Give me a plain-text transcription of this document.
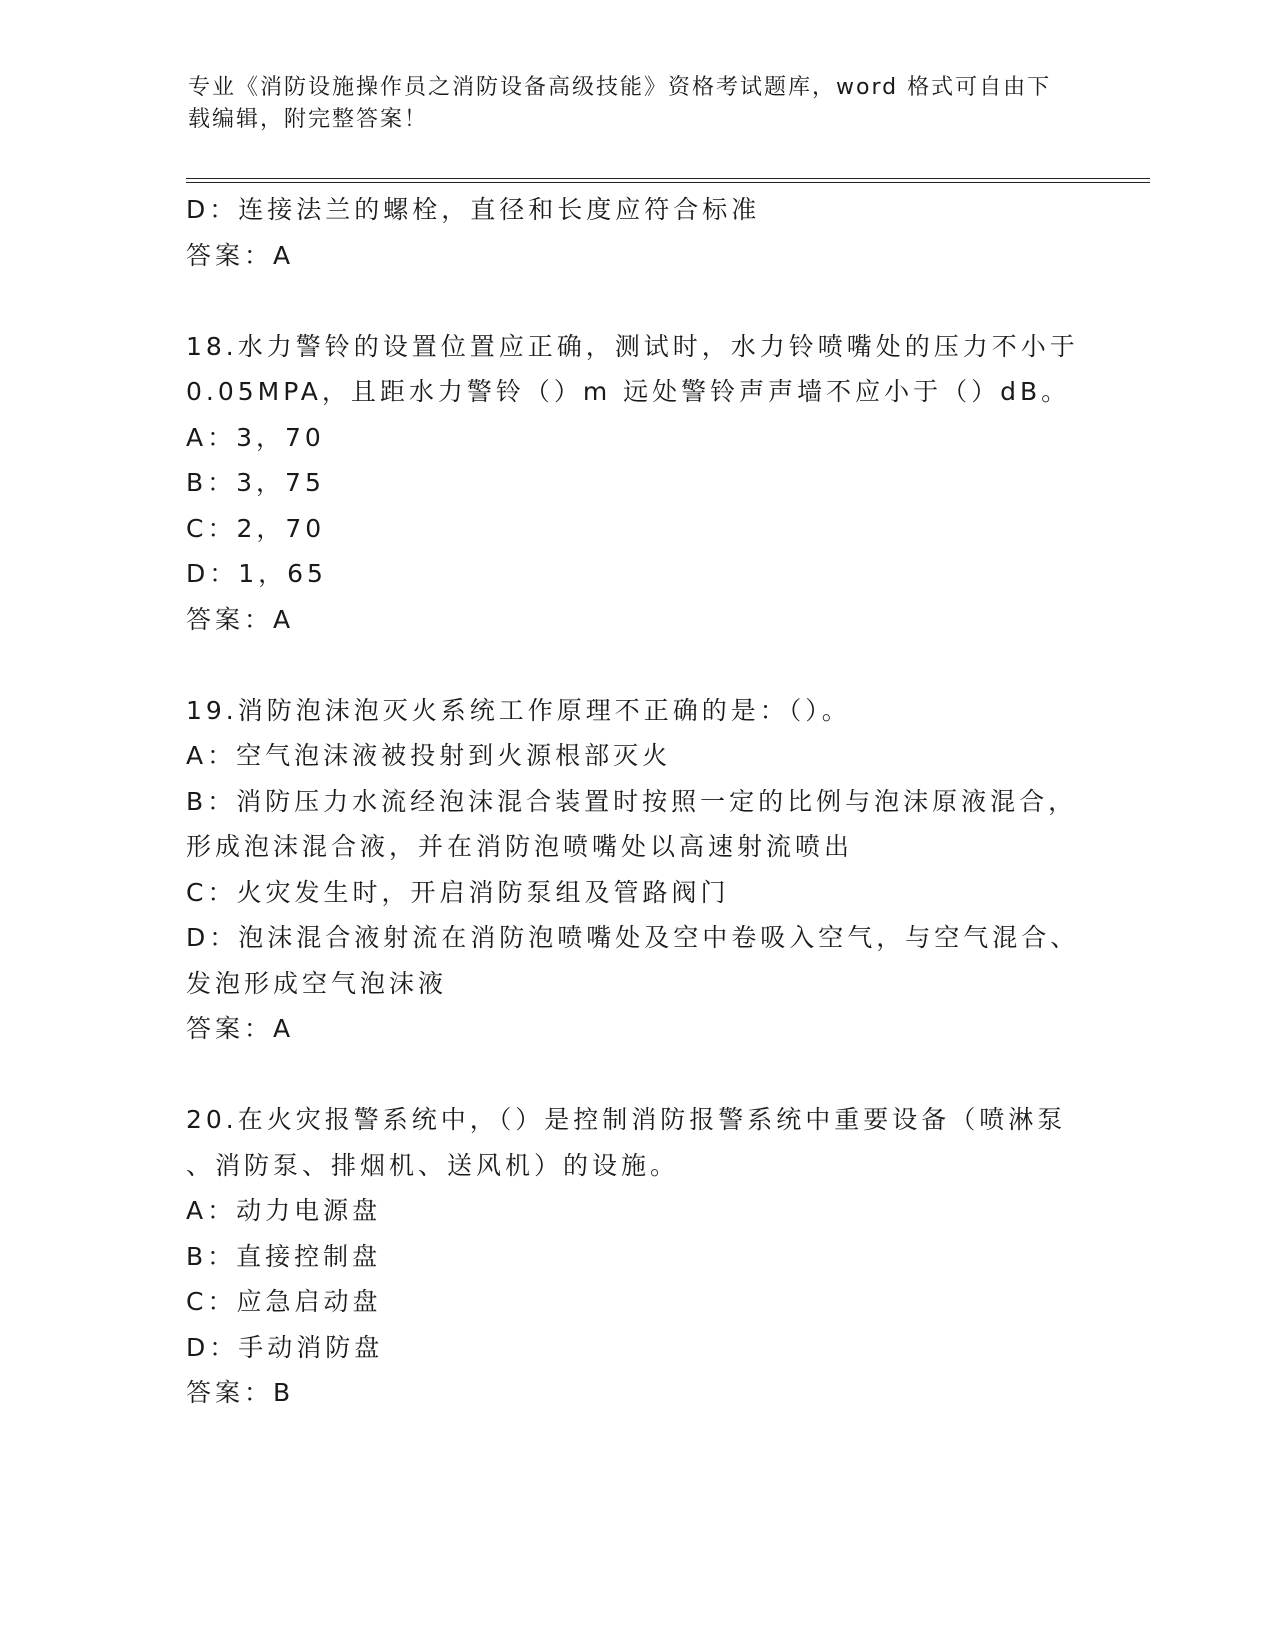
专业《消防设施操作员之消防设备高级技能》资格考试题库，word 格式可自由下
载编辑，附完整答案！
D：连接法兰的螺栓，直径和长度应符合标准
答案：A
18.水力警铃的设置位置应正确，测试时，水力铃喷嘴处的压力不小于
0.05MPA，且距水力警铃（）m 远处警铃声声墙不应小于（）dB。
A：3，70
B：3，75
C：2，70
D：1，65
答案：A
19.消防泡沫泡灭火系统工作原理不正确的是：（）。
A：空气泡沫液被投射到火源根部灭火
B：消防压力水流经泡沫混合装置时按照一定的比例与泡沫原液混合，
形成泡沫混合液，并在消防泡喷嘴处以高速射流喷出
C：火灾发生时，开启消防泵组及管路阀门
D：泡沫混合液射流在消防泡喷嘴处及空中卷吸入空气，与空气混合、
发泡形成空气泡沫液
答案：A
20.在火灾报警系统中，（）是控制消防报警系统中重要设备（喷淋泵
、消防泵、排烟机、送风机）的设施。
A：动力电源盘
B：直接控制盘
C：应急启动盘
D：手动消防盘
答案：B
